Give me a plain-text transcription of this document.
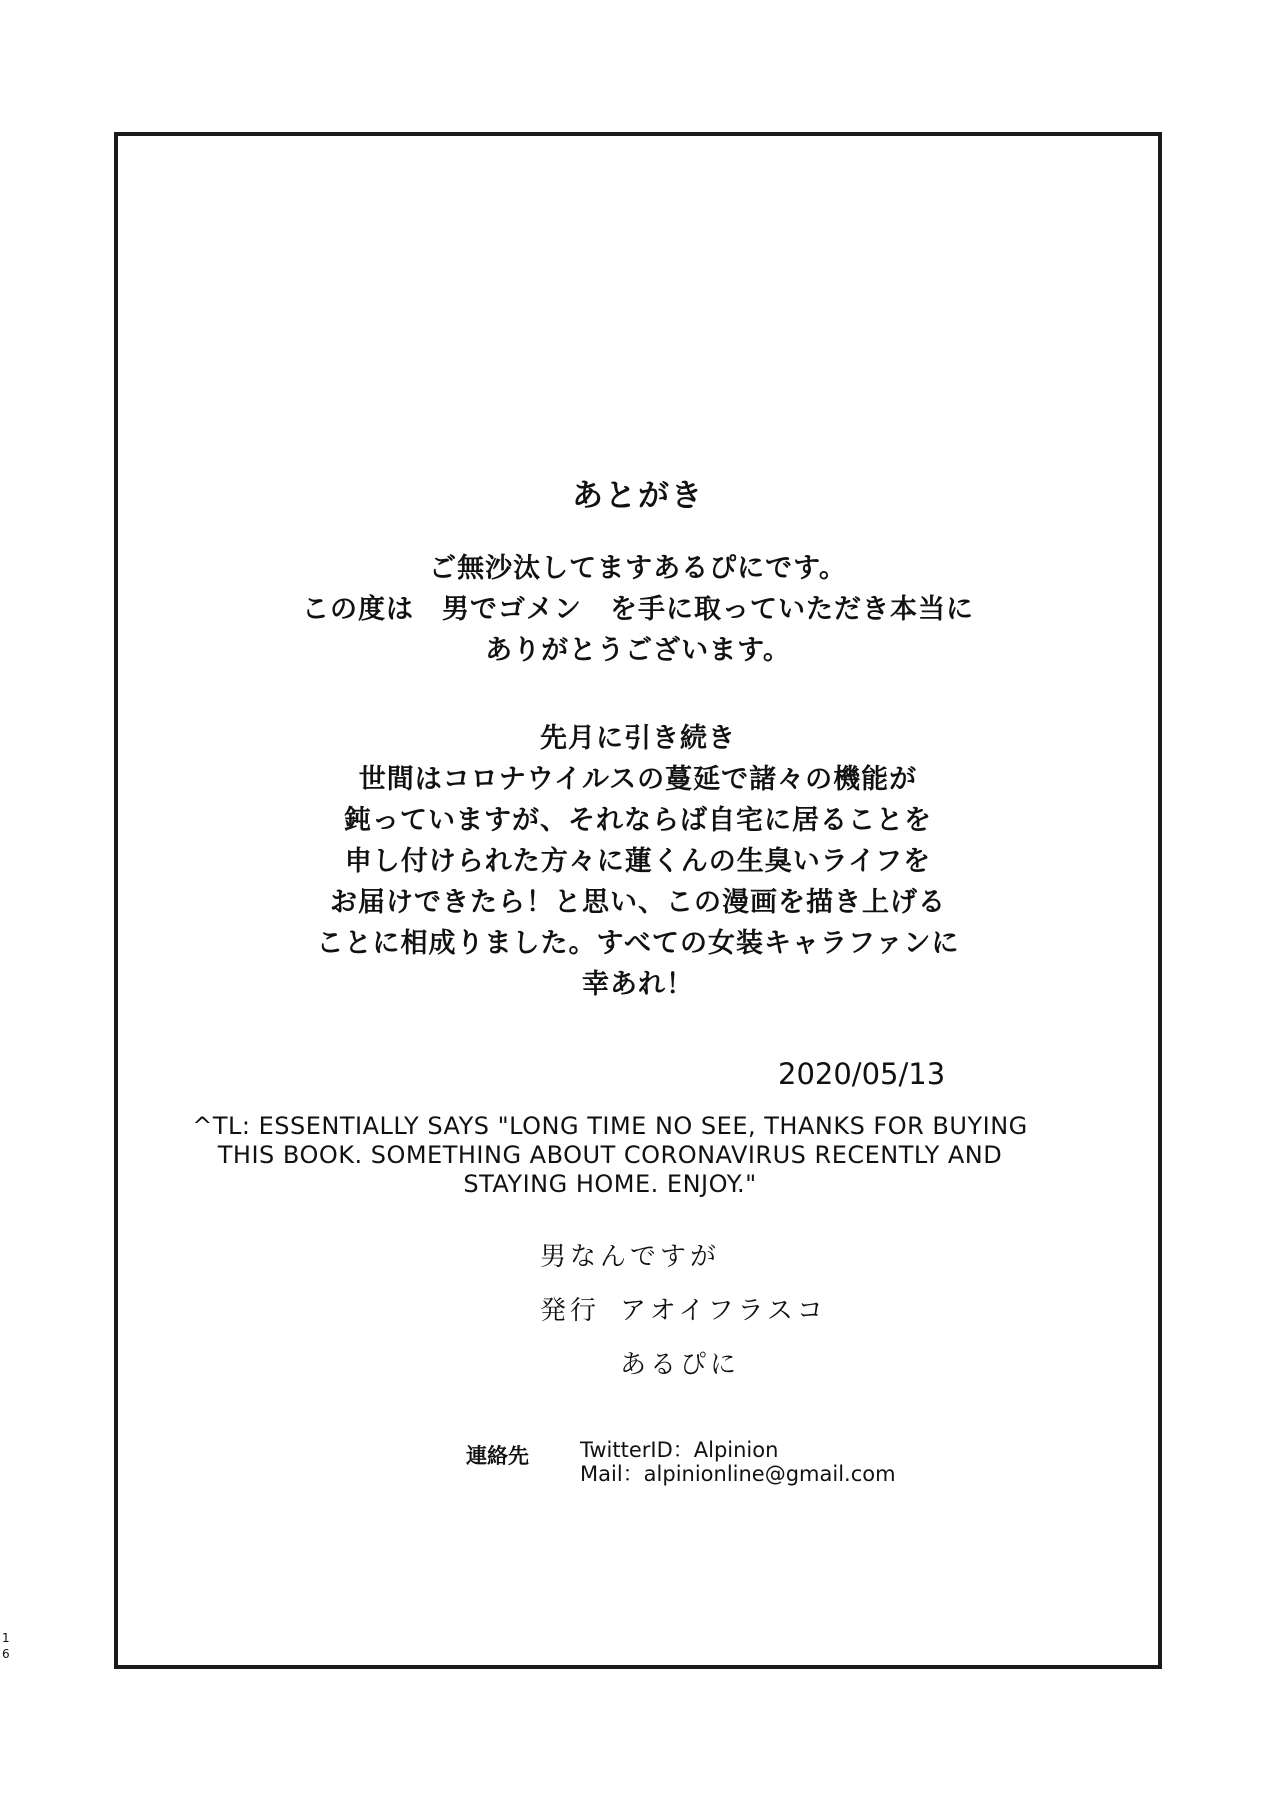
あとがき
ご無沙汰してますあるぴにです。
この度は　男でゴメン　を手に取っていただき本当に
ありがとうございます。
先月に引き続き
世間はコロナウイルスの蔓延で諸々の機能が
鈍っていますが、それならば自宅に居ることを
申し付けられた方々に蓮くんの生臭いライフを
お届けできたら！と思い、この漫画を描き上げる
ことに相成りました。すべての女装キャラファンに
幸あれ！
2020/05/13
^TL: ESSENTIALLY SAYS "LONG TIME NO SEE, THANKS FOR BUYING
THIS BOOK. SOMETHING ABOUT CORONAVIRUS RECENTLY AND
STAYING HOME. ENJOY."
男なんですが
発行 アオイフラスコ
あるぴに
連絡先 TwitterID：Alpinion
Mail：alpinionline@gmail.com
1
6
